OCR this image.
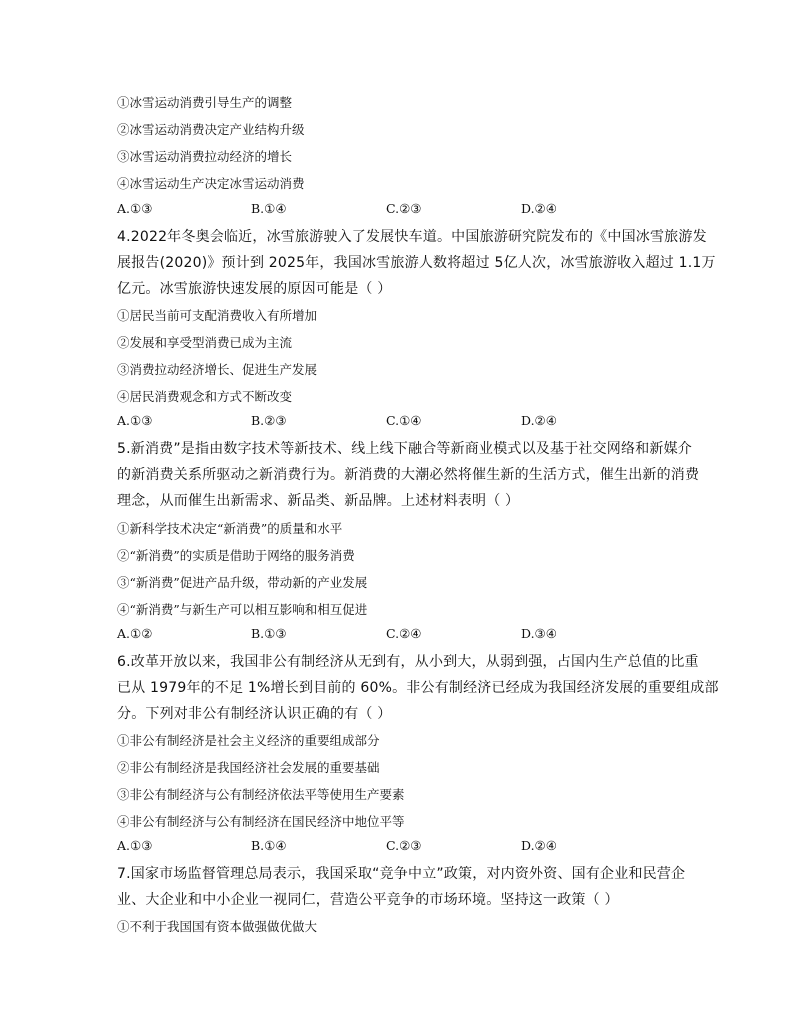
①冰雪运动消费引导生产的调整
②冰雪运动消费决定产业结构升级
③冰雪运动消费拉动经济的增长
④冰雪运动生产决定冰雪运动消费
A.①③	B.①④	C.②③	D.②④
4.2022年冬奥会临近，冰雪旅游驶入了发展快车道。中国旅游研究院发布的《中国冰雪旅游发
展报告(2020)》预计到 2025年，我国冰雪旅游人数将超过 5亿人次，冰雪旅游收入超过 1.1万
亿元。冰雪旅游快速发展的原因可能是（ ）
①居民当前可支配消费收入有所增加
②发展和享受型消费已成为主流
③消费拉动经济增长、促进生产发展
④居民消费观念和方式不断改变
A.①③	B.②③	C.①④	D.②④
5.新消费”是指由数字技术等新技术、线上线下融合等新商业模式以及基于社交网络和新媒介
的新消费关系所驱动之新消费行为。新消费的大潮必然将催生新的生活方式，催生出新的消费
理念，从而催生出新需求、新品类、新品牌。上述材料表明（ ）
①新科学技术决定“新消费”的质量和水平
②“新消费”的实质是借助于网络的服务消费
③“新消费”促进产品升级，带动新的产业发展
④“新消费”与新生产可以相互影响和相互促进
A.①②	B.①③	C.②④	D.③④
6.改革开放以来，我国非公有制经济从无到有，从小到大，从弱到强，占国内生产总值的比重
已从 1979年的不足 1%增长到目前的 60%。非公有制经济已经成为我国经济发展的重要组成部
分。下列对非公有制经济认识正确的有（ ）
①非公有制经济是社会主义经济的重要组成部分
②非公有制经济是我国经济社会发展的重要基础
③非公有制经济与公有制经济依法平等使用生产要素
④非公有制经济与公有制经济在国民经济中地位平等
A.①③	B.①④	C.②③	D.②④
7.国家市场监督管理总局表示，我国采取“竞争中立”政策，对内资外资、国有企业和民营企
业、大企业和中小企业一视同仁，营造公平竞争的市场环境。坚持这一政策（ ）
①不利于我国国有资本做强做优做大
